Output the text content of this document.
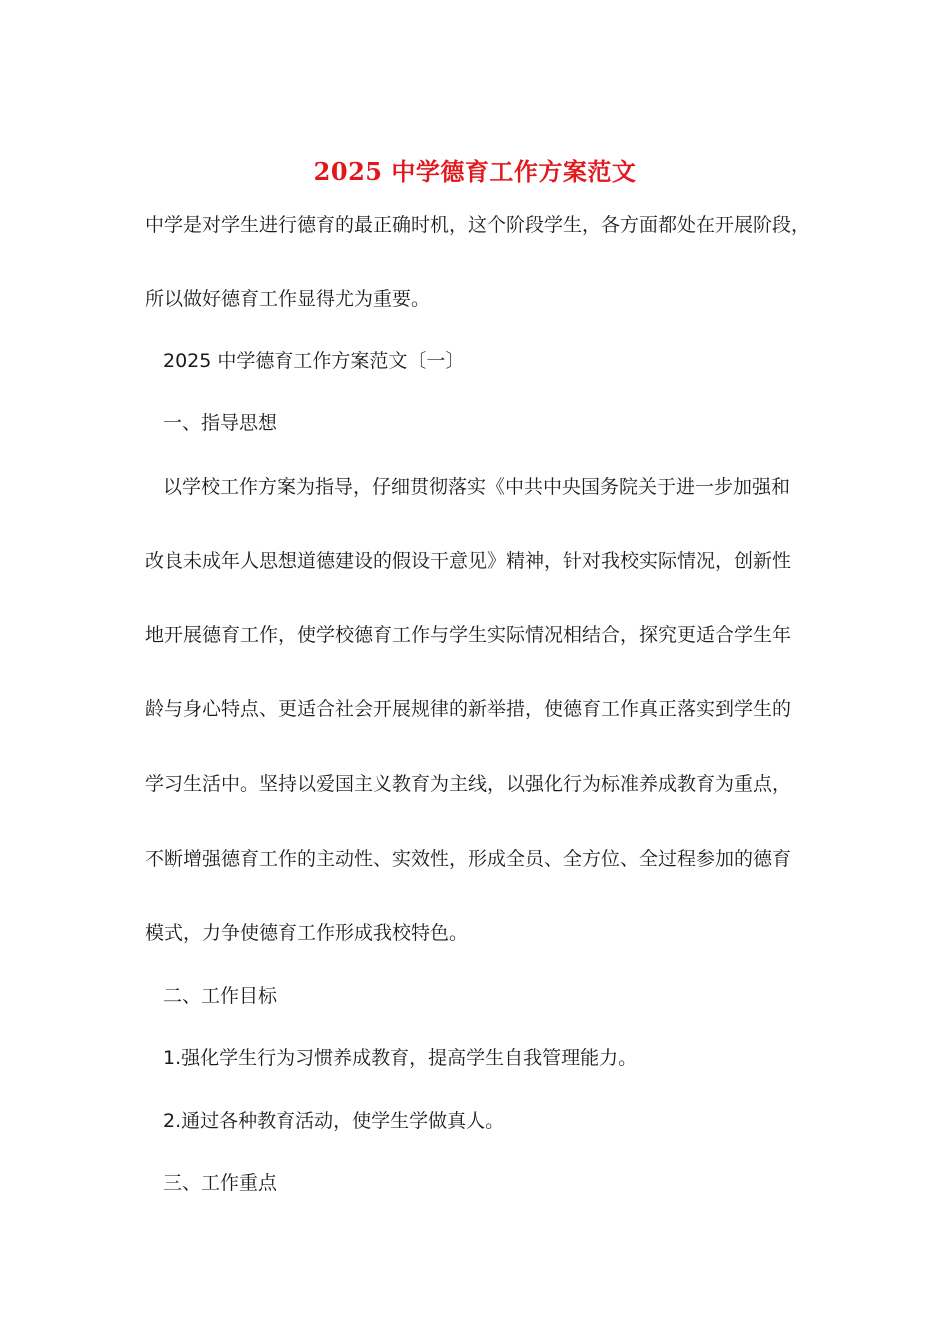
2025 中学德育工作方案范文
中学是对学生进行德育的最正确时机，这个阶段学生，各方面都处在开展阶段，
所以做好德育工作显得尤为重要。
2025 中学德育工作方案范文〔一〕
一、指导思想
以学校工作方案为指导，仔细贯彻落实《中共中央国务院关于进一步加强和
改良未成年人思想道德建设的假设干意见》精神，针对我校实际情况，创新性
地开展德育工作，使学校德育工作与学生实际情况相结合，探究更适合学生年
龄与身心特点、更适合社会开展规律的新举措，使德育工作真正落实到学生的
学习生活中。坚持以爱国主义教育为主线，以强化行为标准养成教育为重点，
不断增强德育工作的主动性、实效性，形成全员、全方位、全过程参加的德育
模式，力争使德育工作形成我校特色。
二、工作目标
1.强化学生行为习惯养成教育，提高学生自我管理能力。
2.通过各种教育活动，使学生学做真人。
三、工作重点
